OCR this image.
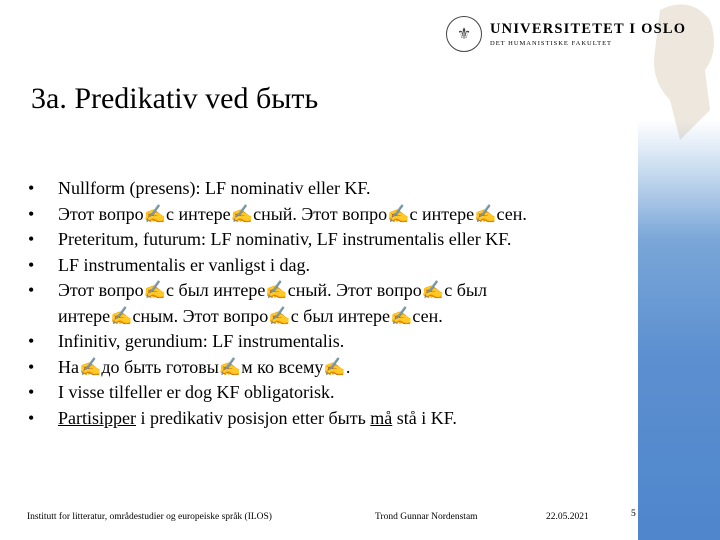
⚜	UNIVERSITETET I OSLO
DET HUMANISTISKE FAKULTET
3a. Predikativ ved быть
• Nullform (presens): LF nominativ eller KF.
• Этот вопро✍с интере✍сный. Этот вопро✍с интере✍сен.
• Preteritum, futurum: LF nominativ, LF instrumentalis eller KF.
• LF instrumentalis er vanligst i dag.
• Этот вопро✍с был интере✍сный. Этот вопро✍с был интере✍сным. Этот вопро✍с был интере✍сен.
• Infinitiv, gerundium: LF instrumentalis.
• На✍до быть готовы✍м ко всему✍.
• I visse tilfeller er dog KF obligatorisk.
• Partisipper i predikativ posisjon etter быть må stå i KF.
Institutt for litteratur, områdestudier og europeiske språk (ILOS)	Trond Gunnar Nordenstam	22.05.2021	5
